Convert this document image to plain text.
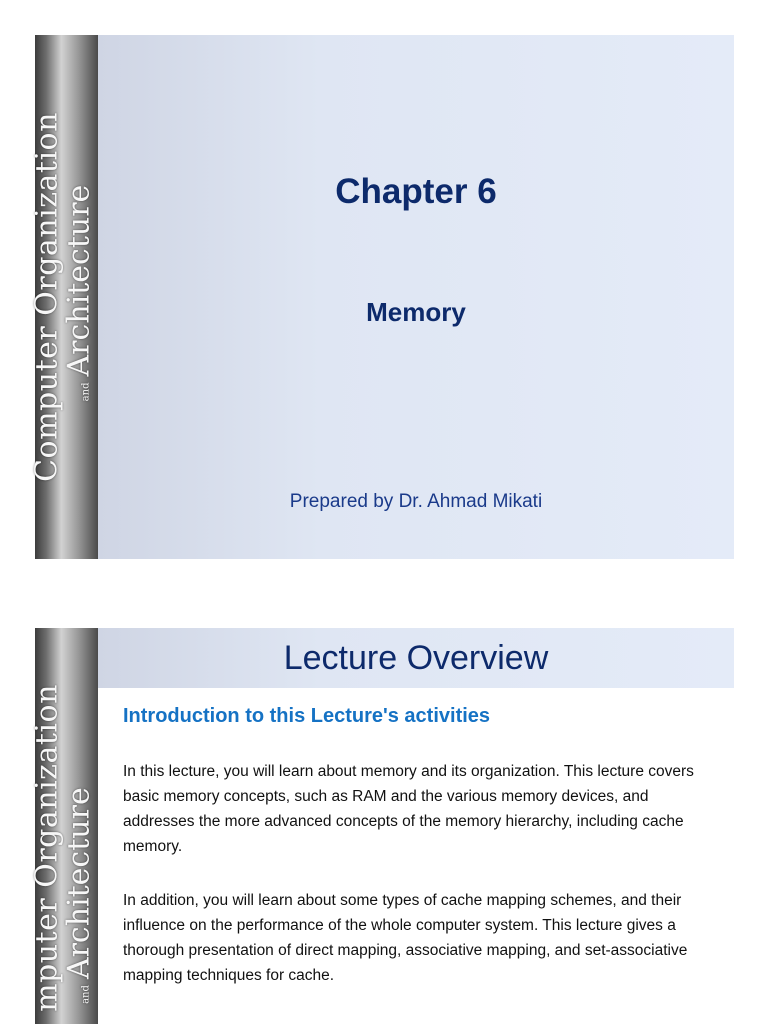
Computer Organization	and
Architecture	Chapter 6
Memory
Prepared by Dr. Ahmad Mikati
mputer Organization	and
Architecture
Lecture Overview
Introduction to this Lecture's activities
In this lecture, you will learn about memory and its organization. This lecture covers basic memory concepts, such as RAM and the various memory devices, and addresses the more advanced concepts of the memory hierarchy, including cache memory.
In addition, you will learn about some types of cache mapping schemes, and their influence on the performance of the whole computer system. This lecture gives a thorough presentation of direct mapping, associative mapping, and set-associative mapping techniques for cache.
